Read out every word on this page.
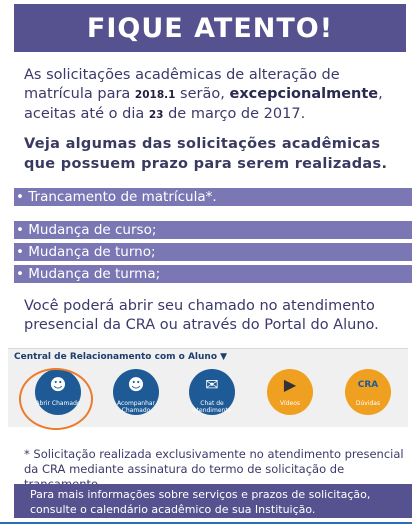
FIQUE ATENTO!
As solicitações acadêmicas de alteração de matrícula para 2018.1 serão, excepcionalmente, aceitas até o dia 23 de março de 2017.
Veja algumas das solicitações acadêmicas que possuem prazo para serem realizadas.
• Trancamento de matrícula*.
• Mudança de curso;
• Mudança de turno;
• Mudança de turma;
Você poderá abrir seu chamado no atendimento presencial da CRA ou através do Portal do Aluno.
Central de Relacionamento com o Aluno ▼
☻
Abrir Chamado
☻
Acompanhar Chamado
✉
Chat de Atendimento
▶
Vídeos
CRA
Dúvidas
* Solicitação realizada exclusivamente no atendimento presencial da CRA mediante assinatura do termo de solicitação de
Para mais informações sobre serviços e prazos de solicitação, consulte o calendário acadêmico de sua Instituição.
